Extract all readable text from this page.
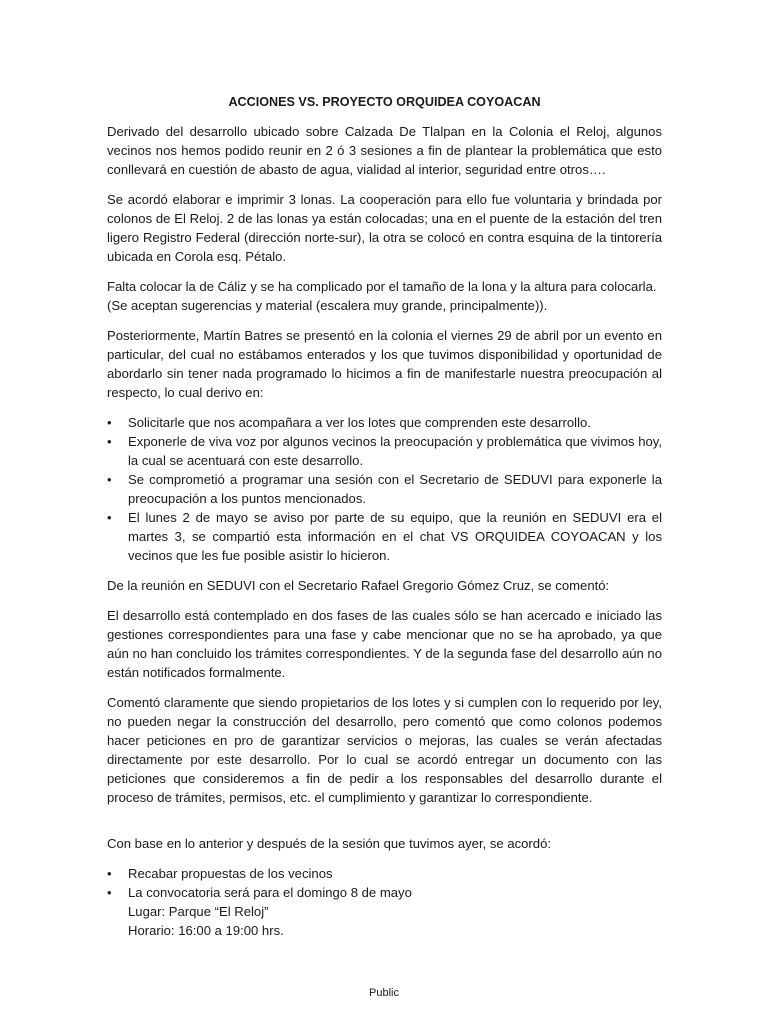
ACCIONES VS. PROYECTO ORQUIDEA COYOACAN

Derivado del desarrollo ubicado sobre Calzada De Tlalpan en la Colonia el Reloj, algunos vecinos nos hemos podido reunir en 2 ó 3 sesiones a fin de plantear la problemática que esto conllevará en cuestión de abasto de agua, vialidad al interior, seguridad entre otros….

Se acordó elaborar e imprimir 3 lonas. La cooperación para ello fue voluntaria y brindada por colonos de El Reloj. 2 de las lonas ya están colocadas; una en el puente de la estación del tren ligero Registro Federal (dirección norte-sur), la otra se colocó en contra esquina de la tintorería ubicada en Corola esq. Pétalo.

Falta colocar la de Cáliz y se ha complicado por el tamaño de la lona y la altura para colocarla. (Se aceptan sugerencias y material (escalera muy grande, principalmente)).

Posteriormente, Martín Batres se presentó en la colonia el viernes 29 de abril por un evento en particular, del cual no estábamos enterados y los que tuvimos disponibilidad y oportunidad de abordarlo sin tener nada programado lo hicimos a fin de manifestarle nuestra preocupación al respecto, lo cual derivo en:

• Solicitarle que nos acompañara a ver los lotes que comprenden este desarrollo.
• Exponerle de viva voz por algunos vecinos la preocupación y problemática que vivimos hoy, la cual se acentuará con este desarrollo.
• Se comprometió a programar una sesión con el Secretario de SEDUVI para exponerle la preocupación a los puntos mencionados.
• El lunes 2 de mayo se aviso por parte de su equipo, que la reunión en SEDUVI era el martes 3, se compartió esta información en el chat VS ORQUIDEA COYOACAN y los vecinos que les fue posible asistir lo hicieron.

De la reunión en SEDUVI con el Secretario Rafael Gregorio Gómez Cruz, se comentó:

El desarrollo está contemplado en dos fases de las cuales sólo se han acercado e iniciado las gestiones correspondientes para una fase y cabe mencionar que no se ha aprobado, ya que aún no han concluido los trámites correspondientes. Y de la segunda fase del desarrollo aún no están notificados formalmente.

Comentó claramente que siendo propietarios de los lotes y si cumplen con lo requerido por ley, no pueden negar la construcción del desarrollo, pero comentó que como colonos podemos hacer peticiones en pro de garantizar servicios o mejoras, las cuales se verán afectadas directamente por este desarrollo. Por lo cual se acordó entregar un documento con las peticiones que consideremos a fin de pedir a los responsables del desarrollo durante el proceso de trámites, permisos, etc. el cumplimiento y garantizar lo correspondiente.

Con base en lo anterior y después de la sesión que tuvimos ayer, se acordó:

• Recabar propuestas de los vecinos
• La convocatoria será para el domingo 8 de mayo
Lugar: Parque “El Reloj”
Horario: 16:00 a 19:00 hrs.
Public
